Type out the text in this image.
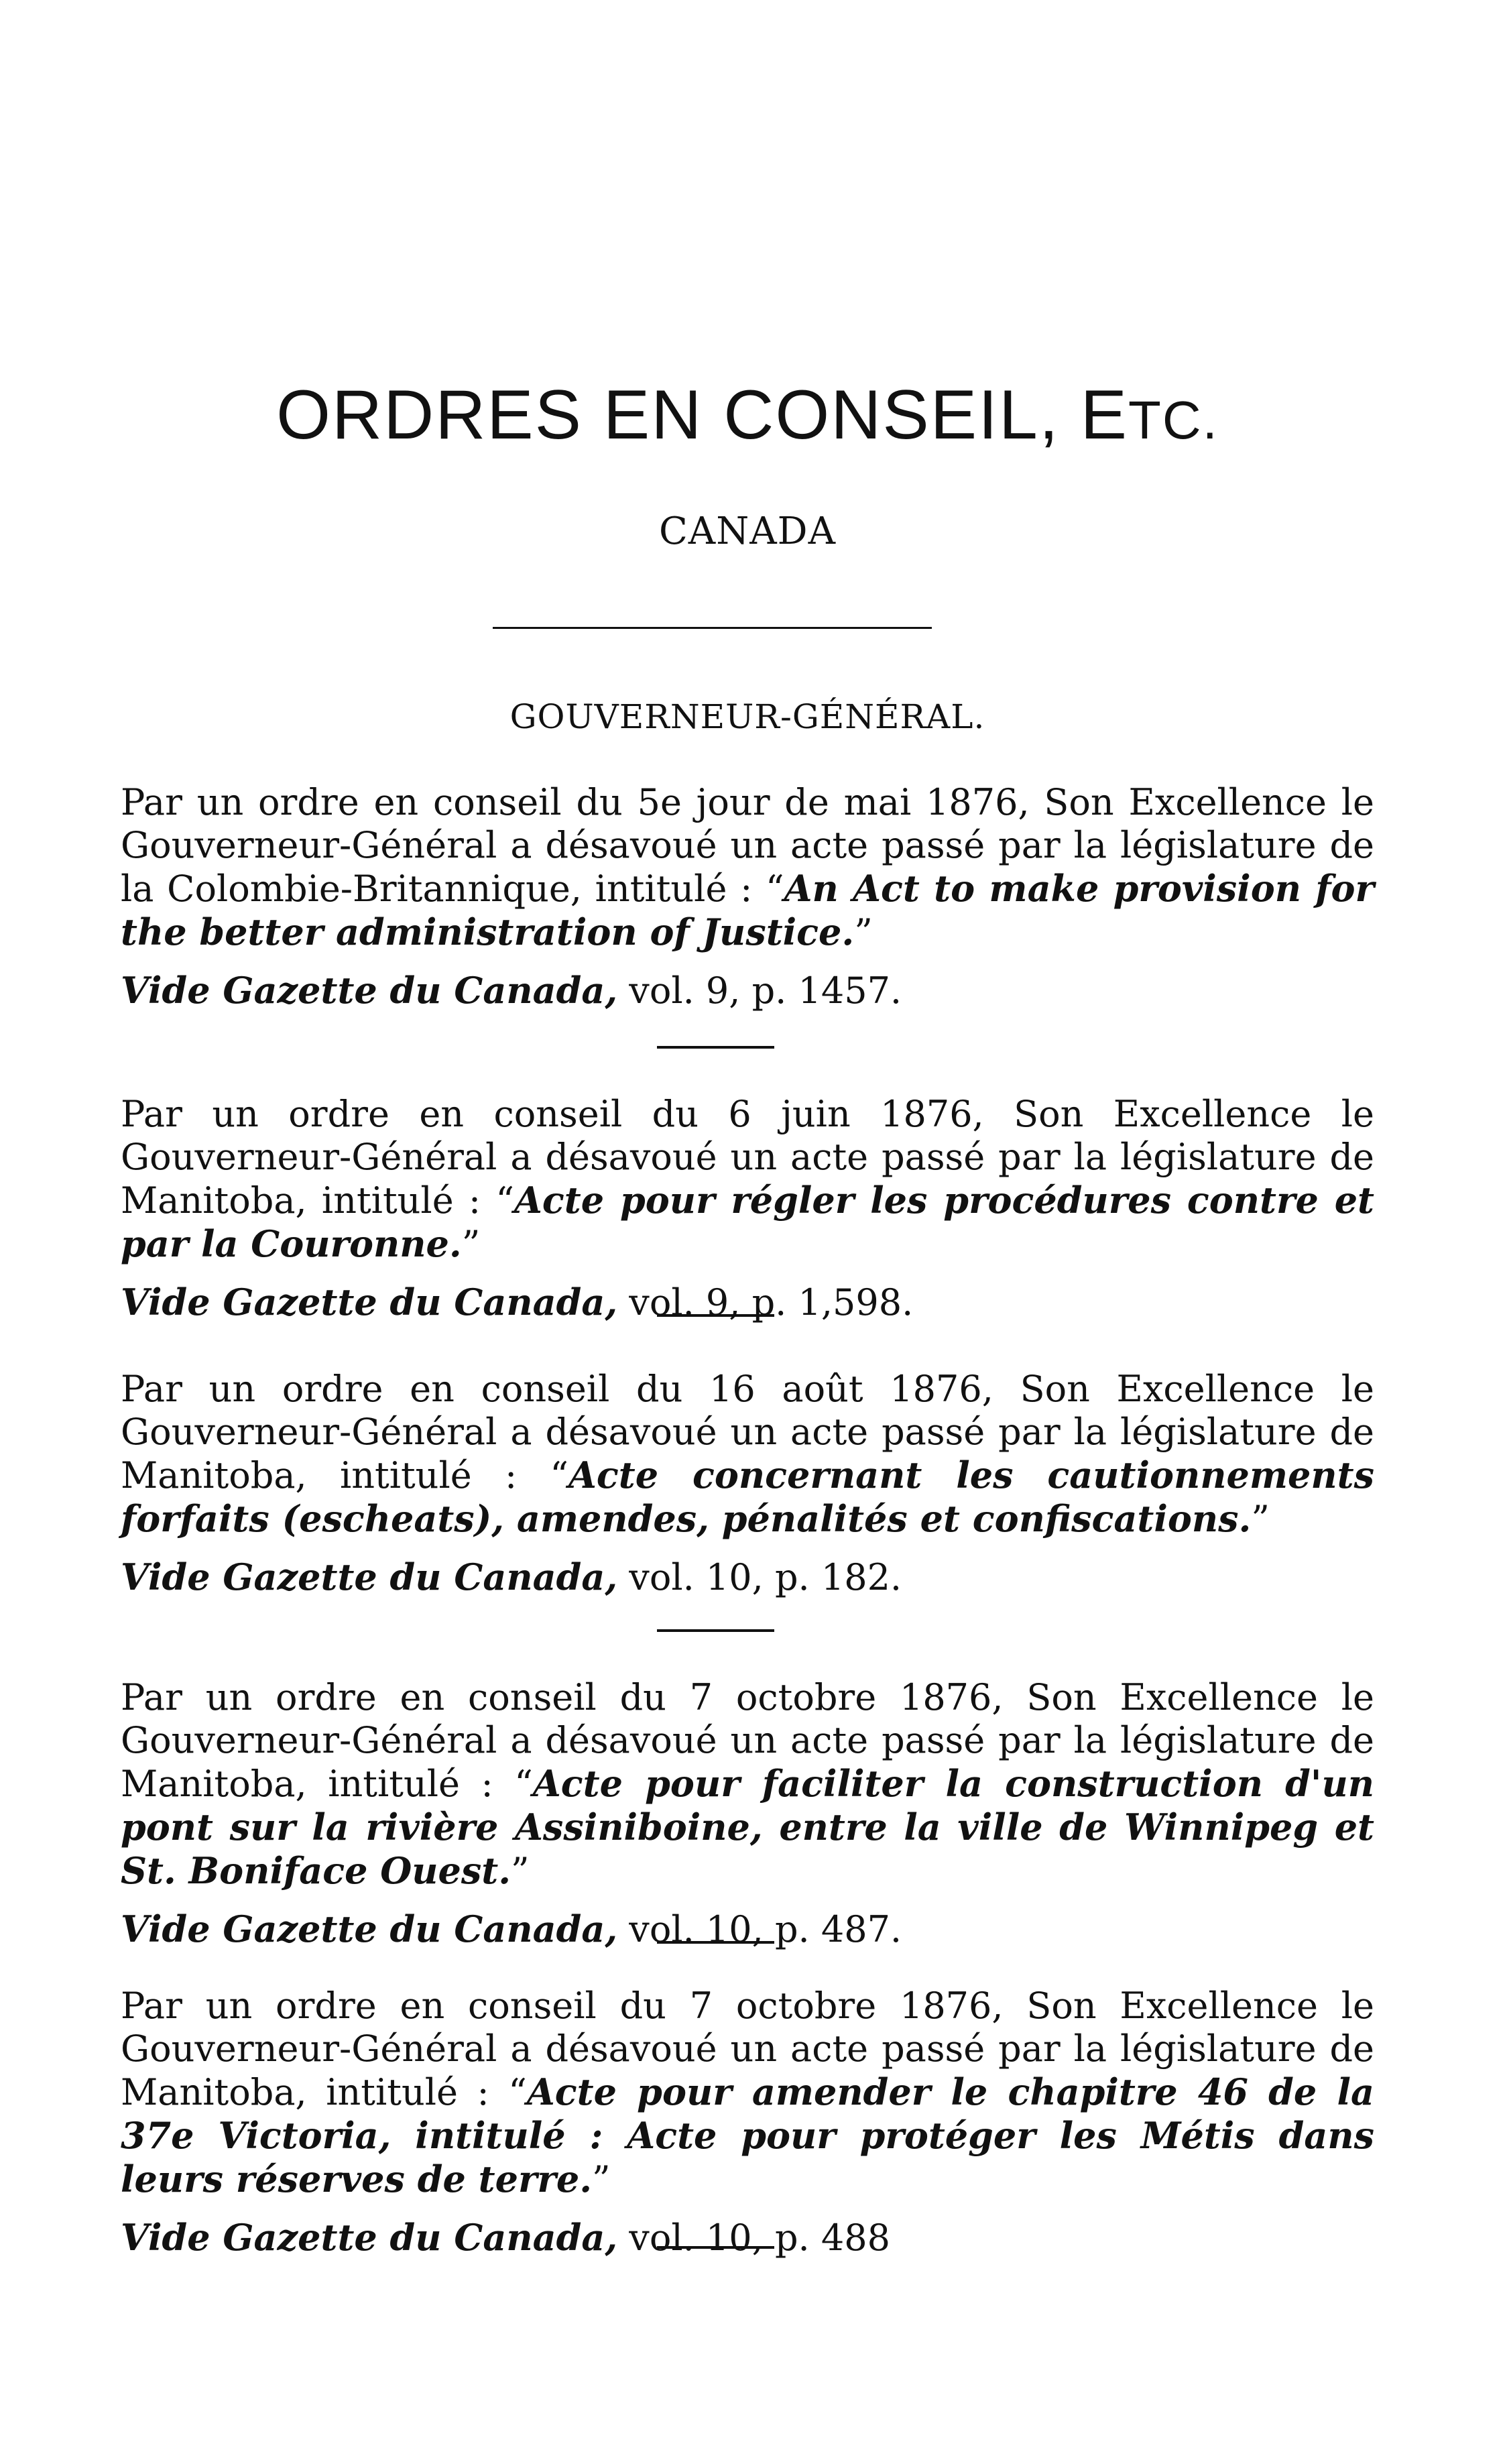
ORDRES EN CONSEIL, ETC.
CANADA
GOUVERNEUR-GÉNÉRAL.

Par un ordre en conseil du 5e jour de mai 1876, Son Excellence le Gouverneur-Général a désavoué un acte passé par la législature de la Colombie-Britannique, intitulé : “An Act to make provision for the better administration of Justice.”

Vide Gazette du Canada, vol. 9, p. 1457.

Par un ordre en conseil du 6 juin 1876, Son Excellence le Gouverneur-Général a désavoué un acte passé par la législature de Manitoba, intitulé : “Acte pour régler les procédures contre et par la Couronne.”

Vide Gazette du Canada, vol. 9, p. 1,598.

Par un ordre en conseil du 16 août 1876, Son Excellence le Gouverneur-Général a désavoué un acte passé par la législature de Manitoba, intitulé : “Acte concernant les cautionnements forfaits (escheats), amendes, pénalités et confiscations.”

Vide Gazette du Canada, vol. 10, p. 182.

Par un ordre en conseil du 7 octobre 1876, Son Excellence le Gouverneur-Général a désavoué un acte passé par la législature de Manitoba, intitulé : “Acte pour faciliter la construction d'un pont sur la rivière Assiniboine, entre la ville de Winnipeg et St. Boniface Ouest.”

Vide Gazette du Canada, vol. 10, p. 487.

Par un ordre en conseil du 7 octobre 1876, Son Excellence le Gouverneur-Général a désavoué un acte passé par la législature de Manitoba, intitulé : “Acte pour amender le chapitre 46 de la 37e Victoria, intitulé : Acte pour protéger les Métis dans leurs réserves de terre.”

Vide Gazette du Canada, vol. 10, p. 488
